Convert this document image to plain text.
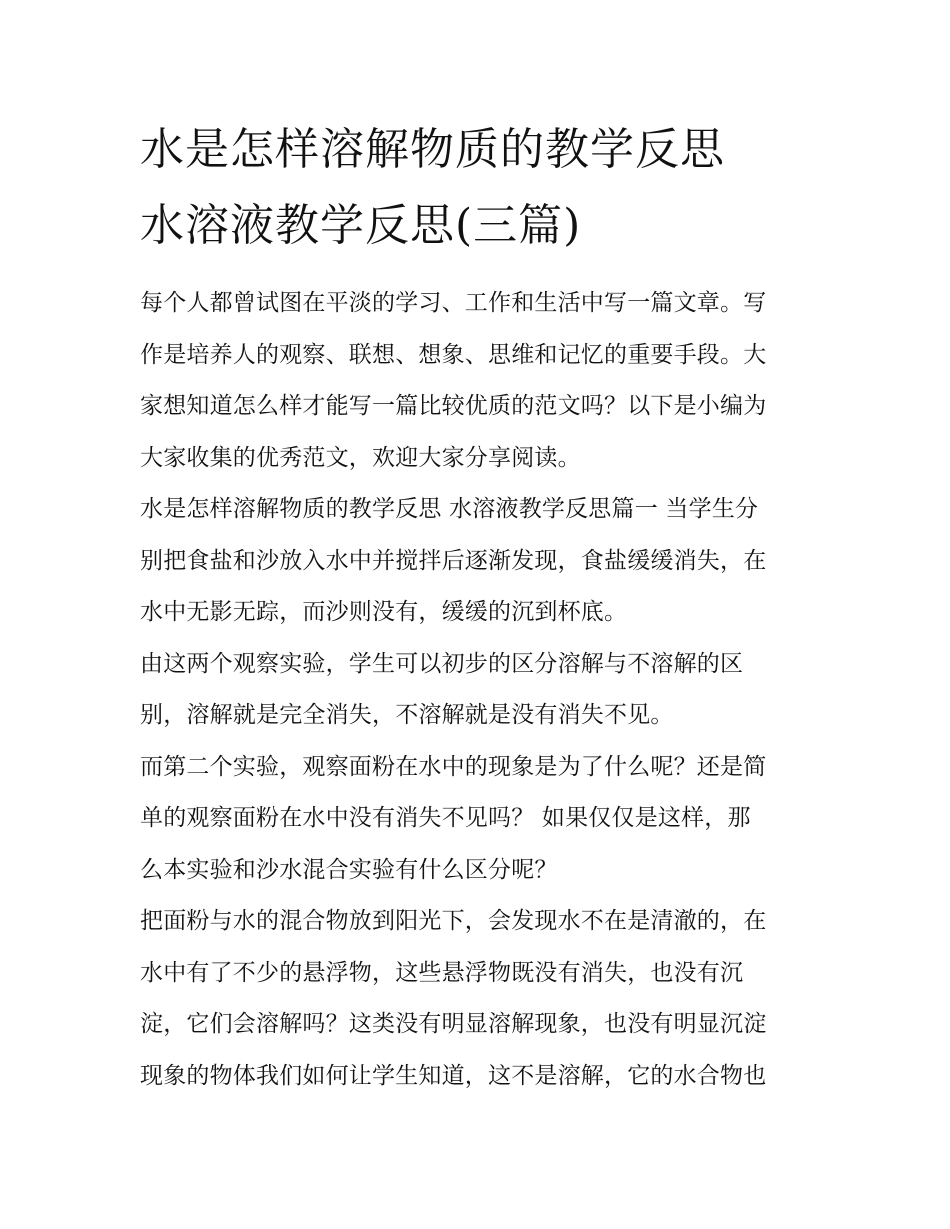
水是怎样溶解物质的教学反思
水溶液教学反思(三篇)

每个人都曾试图在平淡的学习、工作和生活中写一篇文章。写
作是培养人的观察、联想、想象、思维和记忆的重要手段。大
家想知道怎么样才能写一篇比较优质的范文吗？以下是小编为
大家收集的优秀范文，欢迎大家分享阅读。

水是怎样溶解物质的教学反思 水溶液教学反思篇一 当学生分
别把食盐和沙放入水中并搅拌后逐渐发现，食盐缓缓消失，在
水中无影无踪，而沙则没有，缓缓的沉到杯底。

由这两个观察实验，学生可以初步的区分溶解与不溶解的区
别，溶解就是完全消失，不溶解就是没有消失不见。

而第二个实验，观察面粉在水中的现象是为了什么呢？还是简
单的观察面粉在水中没有消失不见吗？ 如果仅仅是这样，那
么本实验和沙水混合实验有什么区分呢？

把面粉与水的混合物放到阳光下，会发现水不在是清澈的，在
水中有了不少的悬浮物，这些悬浮物既没有消失，也没有沉
淀，它们会溶解吗？这类没有明显溶解现象，也没有明显沉淀
现象的物体我们如何让学生知道，这不是溶解，它的水合物也
